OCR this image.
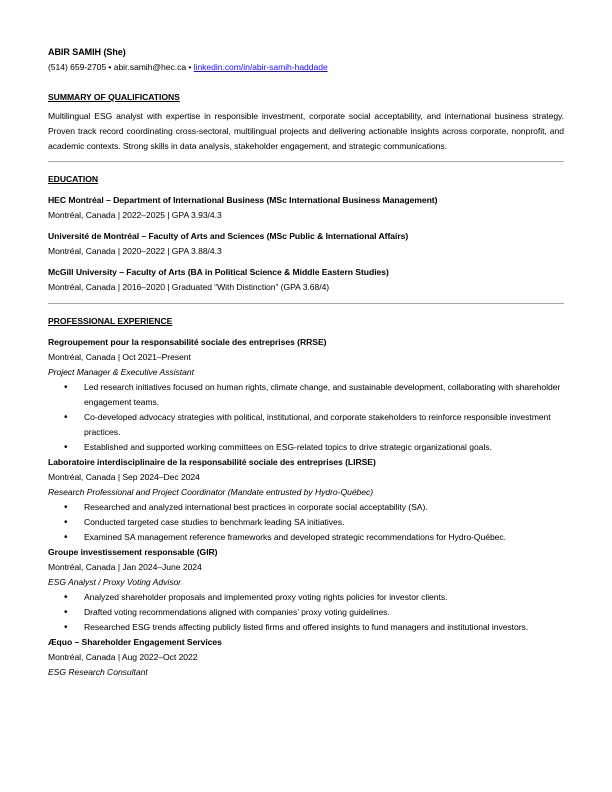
ABIR SAMIH (She)

(514) 659-2705 • abir.samih@hec.ca • linkedin.com/in/abir-samih-haddade

SUMMARY OF QUALIFICATIONS

Multilingual ESG analyst with expertise in responsible investment, corporate social acceptability, and international business strategy. Proven track record coordinating cross-sectoral, multilingual projects and delivering actionable insights across corporate, nonprofit, and academic contexts. Strong skills in data analysis, stakeholder engagement, and strategic communications.

EDUCATION

HEC Montréal – Department of International Business (MSc International Business Management)

Montréal, Canada | 2022–2025 | GPA 3.93/4.3

Université de Montréal – Faculty of Arts and Sciences (MSc Public & International Affairs)

Montréal, Canada | 2020–2022 | GPA 3.88/4.3

McGill University – Faculty of Arts (BA in Political Science & Middle Eastern Studies)

Montréal, Canada | 2016–2020 | Graduated “With Distinction” (GPA 3.68/4)

PROFESSIONAL EXPERIENCE

Regroupement pour la responsabilité sociale des entreprises (RRSE)

Montréal, Canada | Oct 2021–Present

Project Manager & Executive Assistant

• Led research initiatives focused on human rights, climate change, and sustainable development, collaborating with shareholder engagement teams.
• Co-developed advocacy strategies with political, institutional, and corporate stakeholders to reinforce responsible investment practices.
• Established and supported working committees on ESG-related topics to drive strategic organizational goals.

Laboratoire interdisciplinaire de la responsabilité sociale des entreprises (LIRSE)

Montréal, Canada | Sep 2024–Dec 2024

Research Professional and Project Coordinator (Mandate entrusted by Hydro-Québec)

• Researched and analyzed international best practices in corporate social acceptability (SA).
• Conducted targeted case studies to benchmark leading SA initiatives.
• Examined SA management reference frameworks and developed strategic recommendations for Hydro-Québec.

Groupe investissement responsable (GIR)

Montréal, Canada | Jan 2024–June 2024

ESG Analyst / Proxy Voting Advisor

• Analyzed shareholder proposals and implemented proxy voting rights policies for investor clients.
• Drafted voting recommendations aligned with companies’ proxy voting guidelines.
• Researched ESG trends affecting publicly listed firms and offered insights to fund managers and institutional investors.

Æquo – Shareholder Engagement Services

Montréal, Canada | Aug 2022–Oct 2022

ESG Research Consultant
